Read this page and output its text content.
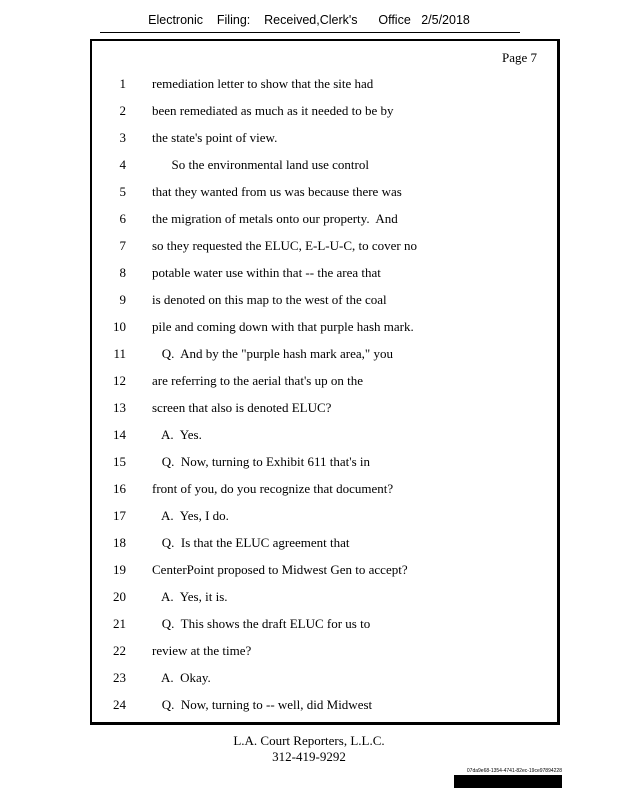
Electronic    Filing:    Received,Clerk's      Office   2/5/2018
Page 7
1 remediation letter to show that the site had
2 been remediated as much as it needed to be by
3 the state's point of view.
4 So the environmental land use control
5 that they wanted from us was because there was
6 the migration of metals onto our property.  And
7 so they requested the ELUC, E-L-U-C, to cover no
8 potable water use within that -- the area that
9 is denoted on this map to the west of the coal
10 pile and coming down with that purple hash mark.
11 Q.  And by the "purple hash mark area," you
12 are referring to the aerial that's up on the
13 screen that also is denoted ELUC?
14 A.  Yes.
15 Q.  Now, turning to Exhibit 611 that's in
16 front of you, do you recognize that document?
17 A.  Yes, I do.
18 Q.  Is that the ELUC agreement that
19 CenterPoint proposed to Midwest Gen to accept?
20 A.  Yes, it is.
21 Q.  This shows the draft ELUC for us to
22 review at the time?
23 A.  Okay.
24 Q.  Now, turning to -- well, did Midwest
L.A. Court Reporters, L.L.C.
312-419-9292
07da9e68-1354-4741-82ec-19ce97894228
